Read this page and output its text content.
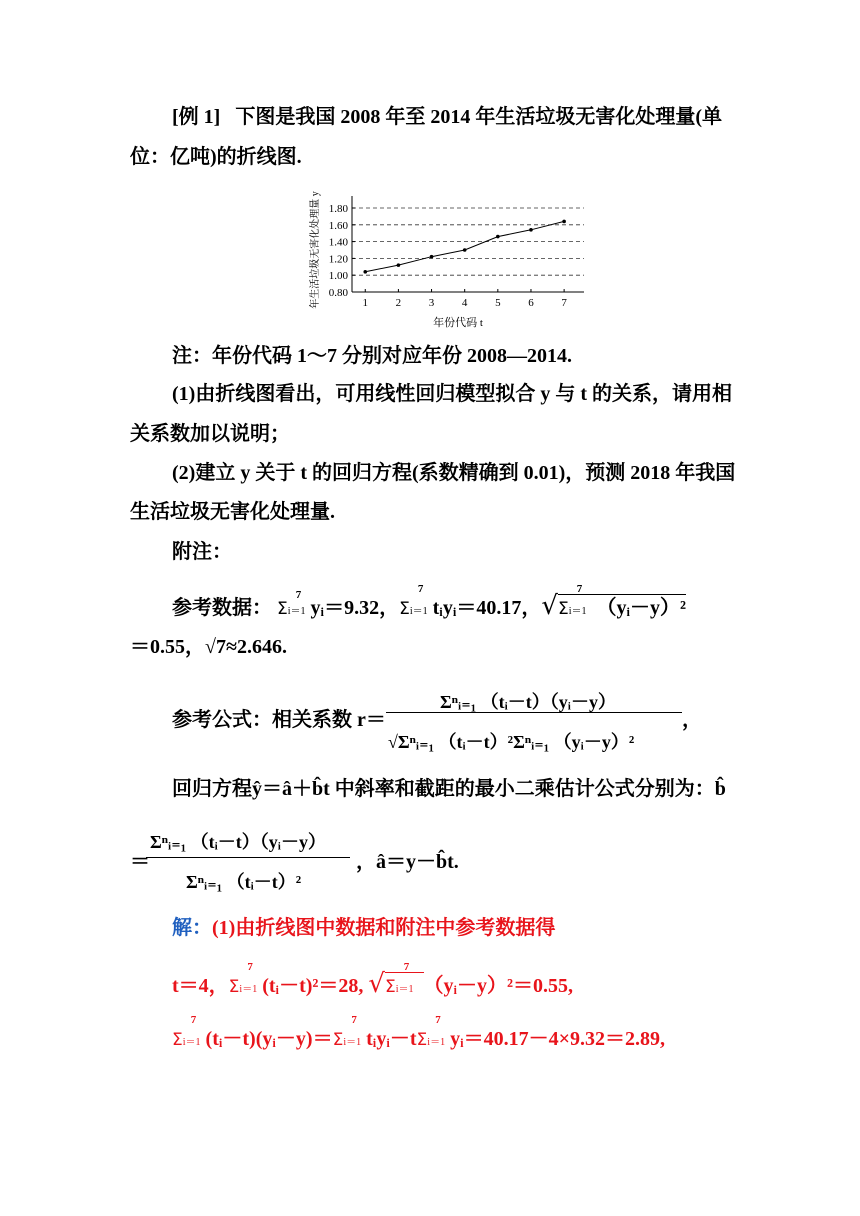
[例 1] 下图是我国 2008 年至 2014 年生活垃圾无害化处理量(单
位：亿吨)的折线图.
1.80
1.60
1.40
1.20
1.00
0.80
1	2	3	4	5	6	7
年份代码 t
年生活垃圾无害化处理量 y
注：年份代码 1～7 分别对应年份 2008—2014.
(1)由折线图看出，可用线性回归模型拟合 y 与 t 的关系，请用相
关系数加以说明；
(2)建立 y 关于 t 的回归方程(系数精确到 0.01)，预测 2018 年我国
生活垃圾无害化处理量.
附注：
参考数据： Σ
7
i＝1 yᵢ＝9.32，Σ
7
i＝1 tᵢyᵢ＝40.17，√Σ
7
i＝1 （yᵢ－y）²
＝0.55，√7≈2.646.
Σⁿᵢ₌₁ （tᵢ－t）（yᵢ－y）
参考公式：相关系数 r＝
√Σⁿᵢ₌₁ （tᵢ－t）²Σⁿᵢ₌₁ （yᵢ－y）²
，
回归方程ŷ＝â＋b̂t 中斜率和截距的最小二乘估计公式分别为：b̂
Σⁿᵢ₌₁ （tᵢ－t）（yᵢ－y）
＝
Σⁿᵢ₌₁ （tᵢ－t）²
，â＝y－b̂t.
解：(1)由折线图中数据和附注中参考数据得
t＝4，Σ
7
i＝1 (tᵢ－t)²＝28, √Σ
7
i＝1 （yᵢ－y）²＝0.55,
Σ
7
i＝1 (tᵢ－t)(yᵢ－y)＝Σ
7
i＝1 tᵢyᵢ－tΣ
7
i＝1 yᵢ＝40.17－4×9.32＝2.89,
